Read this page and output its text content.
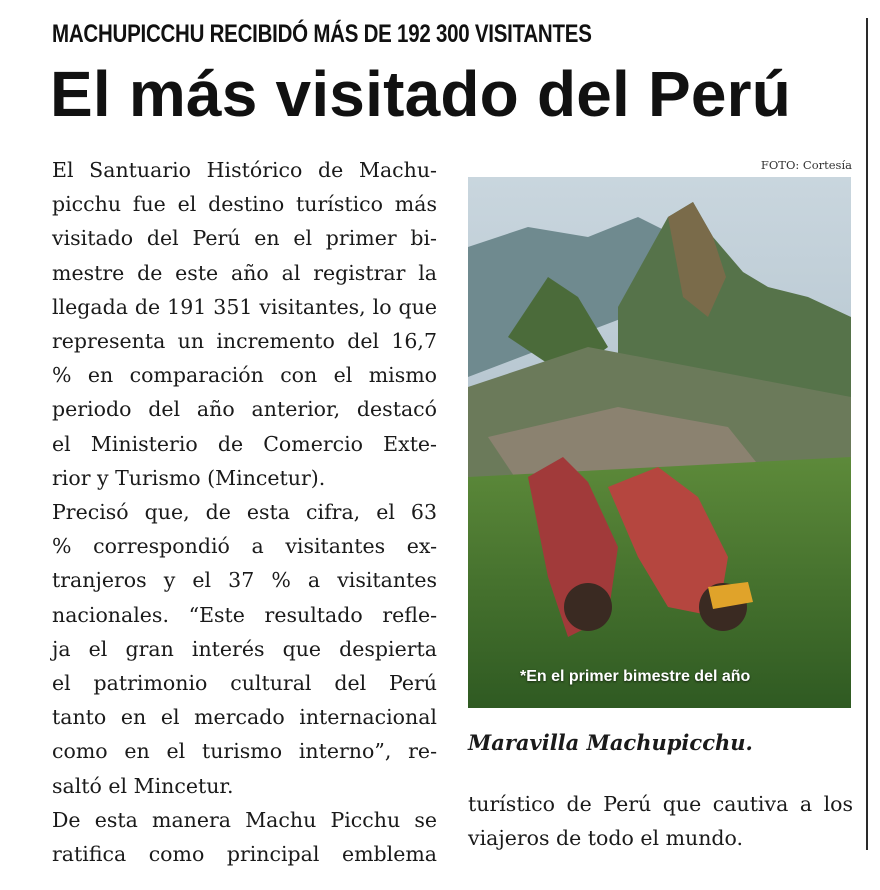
MACHUPICCHU RECIBIDÓ MÁS DE 192 300 VISITANTES
El más visitado del Perú

El Santuario Histórico de Machu-
picchu fue el destino turístico más
visitado del Perú en el primer bi-
mestre de este año al registrar la
llegada de 191 351 visitantes, lo que
representa un incremento del 16,7
% en comparación con el mismo
periodo del año anterior, destacó
el Ministerio de Comercio Exte-
rior y Turismo (Mincetur).

Precisó que, de esta cifra, el 63
% correspondió a visitantes ex-
tranjeros y el 37 % a visitantes
nacionales. “Este resultado refle-
ja el gran interés que despierta
el patrimonio cultural del Perú
tanto en el mercado internacional
como en el turismo interno”, re-
saltó el Mincetur.

De esta manera Machu Picchu se
ratifica como principal emblema

FOTO: Cortesía
*En el primer bimestre del año
Maravilla Machupicchu.
turístico de Perú que cautiva a los
viajeros de todo el mundo.
